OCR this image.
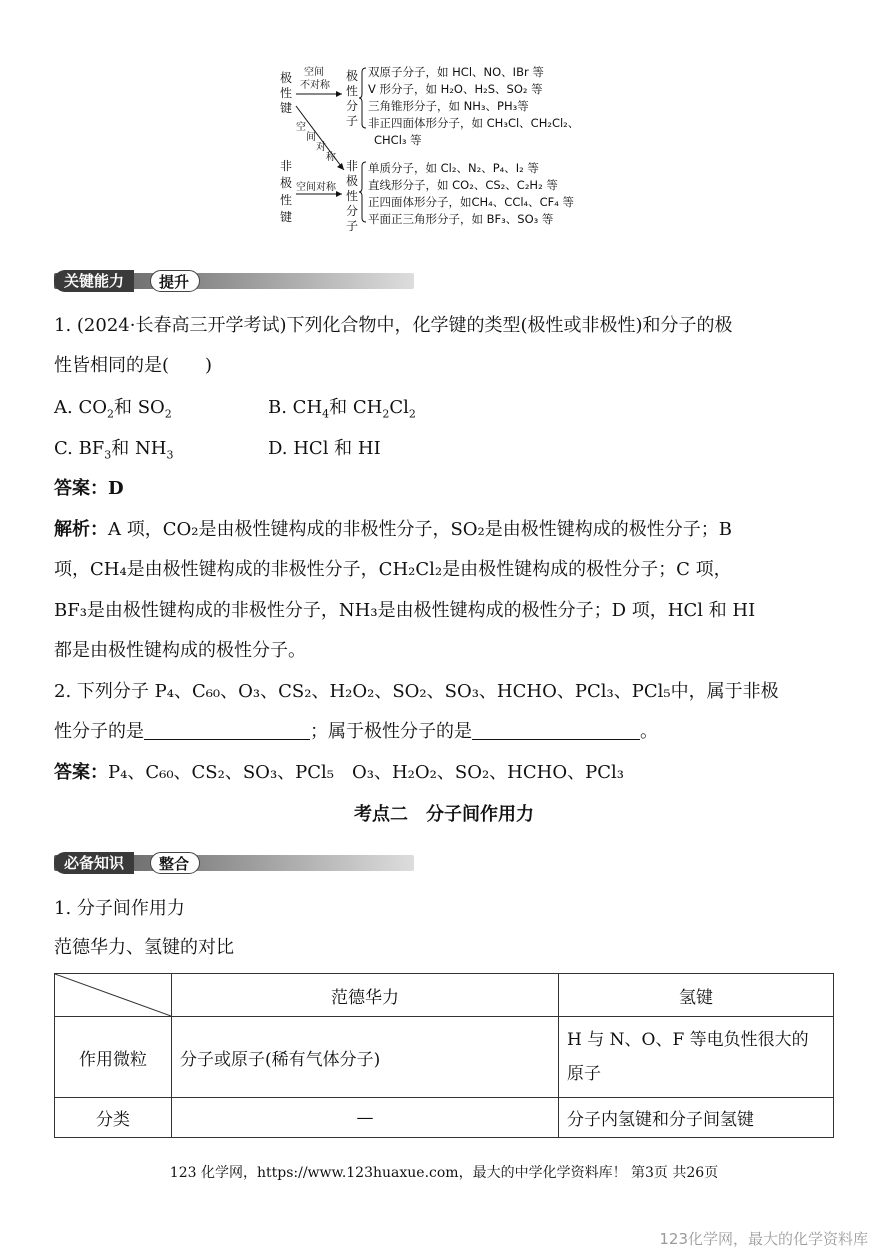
极
性
键
非
极
性
键
空间
不对称
空
间
对
称
空间对称
极
性
分
子
非
极
性
分
子
双原子分子，如 HCl、NO、IBr 等
V 形分子，如 H₂O、H₂S、SO₂ 等
三角锥形分子，如 NH₃、PH₃等
非正四面体形分子，如 CH₃Cl、CH₂Cl₂、
CHCl₃ 等
单质分子，如 Cl₂、N₂、P₄、I₂ 等
直线形分子，如 CO₂、CS₂、C₂H₂ 等
正四面体形分子，如CH₄、CCl₄、CF₄ 等
平面正三角形分子，如 BF₃、SO₃ 等
关键能力	提升
1. (2024·长春高三开学考试)下列化合物中，化学键的类型(极性或非极性)和分子的极
性皆相同的是(　　)
A. $CO_2$和 $SO_2$	B. $CH_4$和 $CH_2Cl_2$
C. $BF_3$和 $NH_3$	D. HCl 和 HI
答案：D
解析：A 项，CO₂是由极性键构成的非极性分子，SO₂是由极性键构成的极性分子；B
项，CH₄是由极性键构成的非极性分子，CH₂Cl₂是由极性键构成的极性分子；C 项，
BF₃是由极性键构成的非极性分子，NH₃是由极性键构成的极性分子；D 项，HCl 和 HI
都是由极性键构成的极性分子。
2. 下列分子 P₄、C₆₀、O₃、CS₂、H₂O₂、SO₂、SO₃、HCHO、PCl₃、PCl₅中，属于非极
性分子的是	；属于极性分子的是	。
答案：P₄、C₆₀、CS₂、SO₃、PCl₅　O₃、H₂O₂、SO₂、HCHO、PCl₃
考点二　分子间作用力
必备知识	整合
1. 分子间作用力
范德华力、氢键的对比
	范德华力	氢键
作用微粒	分子或原子(稀有气体分子)	H 与 N、O、F 等电负性很大的原子
分类	—	分子内氢键和分子间氢键
123 化学网，https://www.123huaxue.com，最大的中学化学资料库！ 第3页 共26页
123化学网，最大的化学资料库
